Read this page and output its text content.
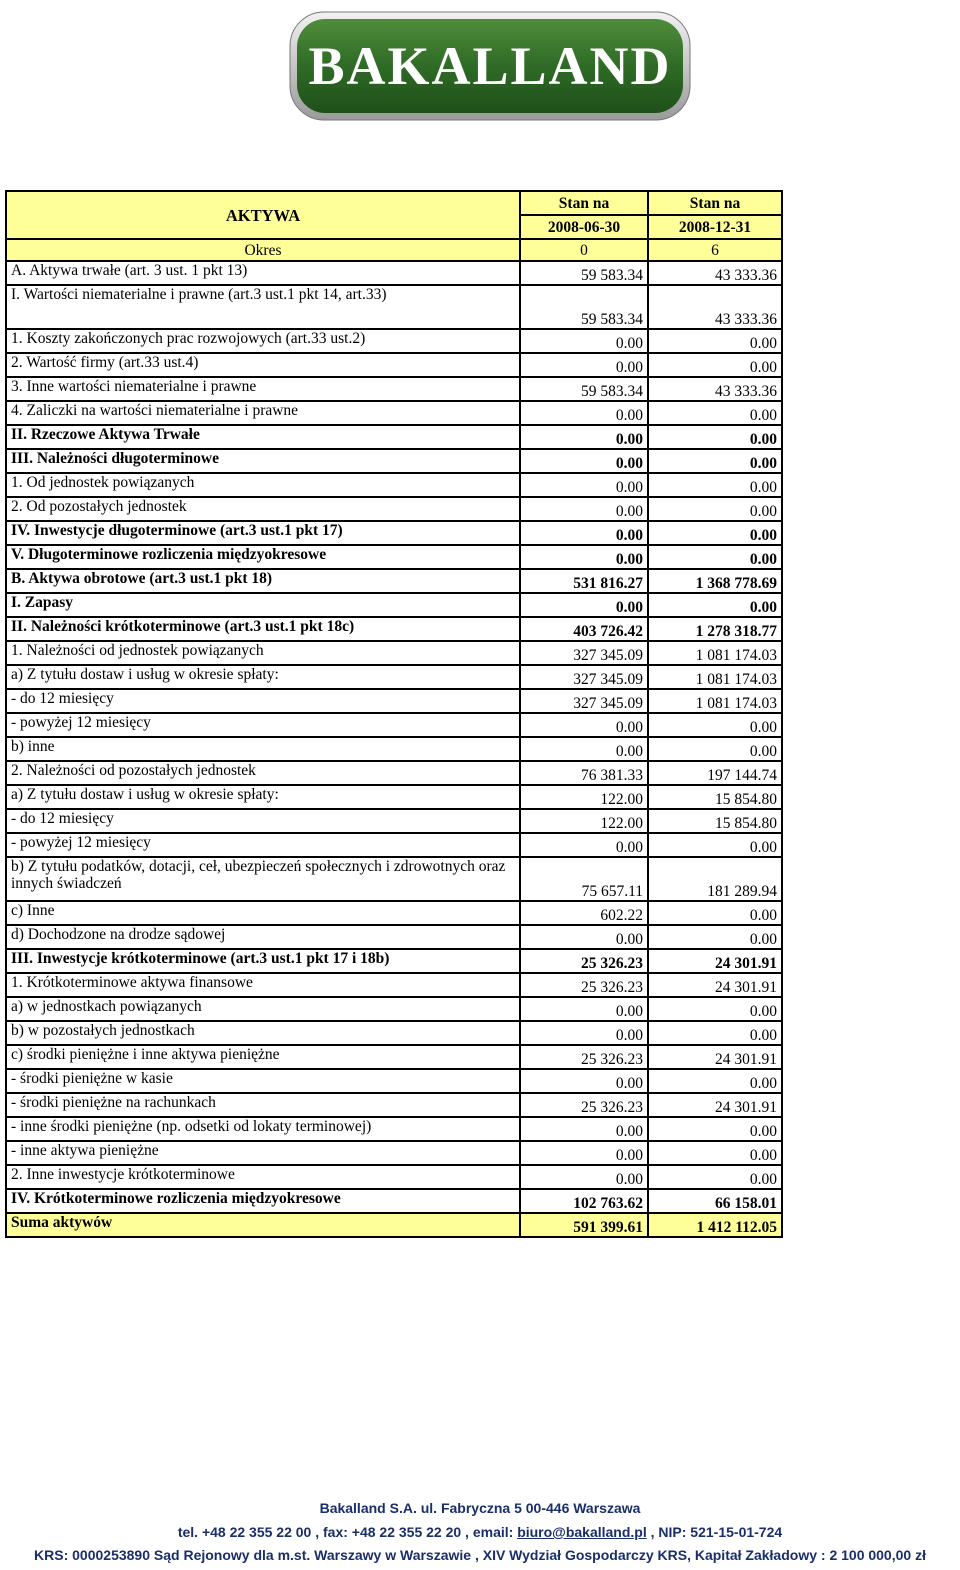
BAKALLAND
AKTYWA	Stan na	Stan na
	2008-06-30	2008-12-31
Okres	0	6
A. Aktywa trwałe (art. 3 ust. 1 pkt 13)	59 583.34	43 333.36
I. Wartości niematerialne i prawne (art.3 ust.1 pkt 14, art.33)	59 583.34	43 333.36
1. Koszty zakończonych prac rozwojowych (art.33 ust.2)	0.00	0.00
2. Wartość firmy (art.33 ust.4)	0.00	0.00
3. Inne wartości niematerialne i prawne	59 583.34	43 333.36
4. Zaliczki na wartości niematerialne i prawne	0.00	0.00
II. Rzeczowe Aktywa Trwałe	0.00	0.00
III. Należności długoterminowe	0.00	0.00
1. Od jednostek powiązanych	0.00	0.00
2. Od pozostałych jednostek	0.00	0.00
IV. Inwestycje długoterminowe (art.3 ust.1 pkt 17)	0.00	0.00
V. Długoterminowe rozliczenia międzyokresowe	0.00	0.00
B. Aktywa obrotowe (art.3 ust.1 pkt 18)	531 816.27	1 368 778.69
I. Zapasy	0.00	0.00
II. Należności krótkoterminowe (art.3 ust.1 pkt 18c)	403 726.42	1 278 318.77
1. Należności od jednostek powiązanych	327 345.09	1 081 174.03
a) Z tytułu dostaw i usług w okresie spłaty:	327 345.09	1 081 174.03
- do 12 miesięcy	327 345.09	1 081 174.03
- powyżej 12 miesięcy	0.00	0.00
b) inne	0.00	0.00
2. Należności od pozostałych jednostek	76 381.33	197 144.74
a) Z tytułu dostaw i usług w okresie spłaty:	122.00	15 854.80
- do 12 miesięcy	122.00	15 854.80
- powyżej 12 miesięcy	0.00	0.00
b) Z tytułu podatków, dotacji, ceł, ubezpieczeń społecznych i zdrowotnych oraz innych świadczeń	75 657.11	181 289.94
c) Inne	602.22	0.00
d) Dochodzone na drodze sądowej	0.00	0.00
III. Inwestycje krótkoterminowe (art.3 ust.1 pkt 17 i 18b)	25 326.23	24 301.91
1. Krótkoterminowe aktywa finansowe	25 326.23	24 301.91
a) w jednostkach powiązanych	0.00	0.00
b) w pozostałych jednostkach	0.00	0.00
c) środki pieniężne i inne aktywa pieniężne	25 326.23	24 301.91
- środki pieniężne w kasie	0.00	0.00
- środki pieniężne na rachunkach	25 326.23	24 301.91
- inne środki pieniężne (np. odsetki od lokaty terminowej)	0.00	0.00
- inne aktywa pieniężne	0.00	0.00
2. Inne inwestycje krótkoterminowe	0.00	0.00
IV. Krótkoterminowe rozliczenia międzyokresowe	102 763.62	66 158.01
Suma aktywów	591 399.61	1 412 112.05
Bakalland S.A. ul. Fabryczna 5 00-446 Warszawa
tel. +48 22 355 22 00 , fax: +48 22 355 22 20 , email: biuro@bakalland.pl , NIP: 521-15-01-724
KRS: 0000253890 Sąd Rejonowy dla m.st. Warszawy w Warszawie , XIV Wydział Gospodarczy KRS, Kapitał Zakładowy : 2 100 000,00 zł
